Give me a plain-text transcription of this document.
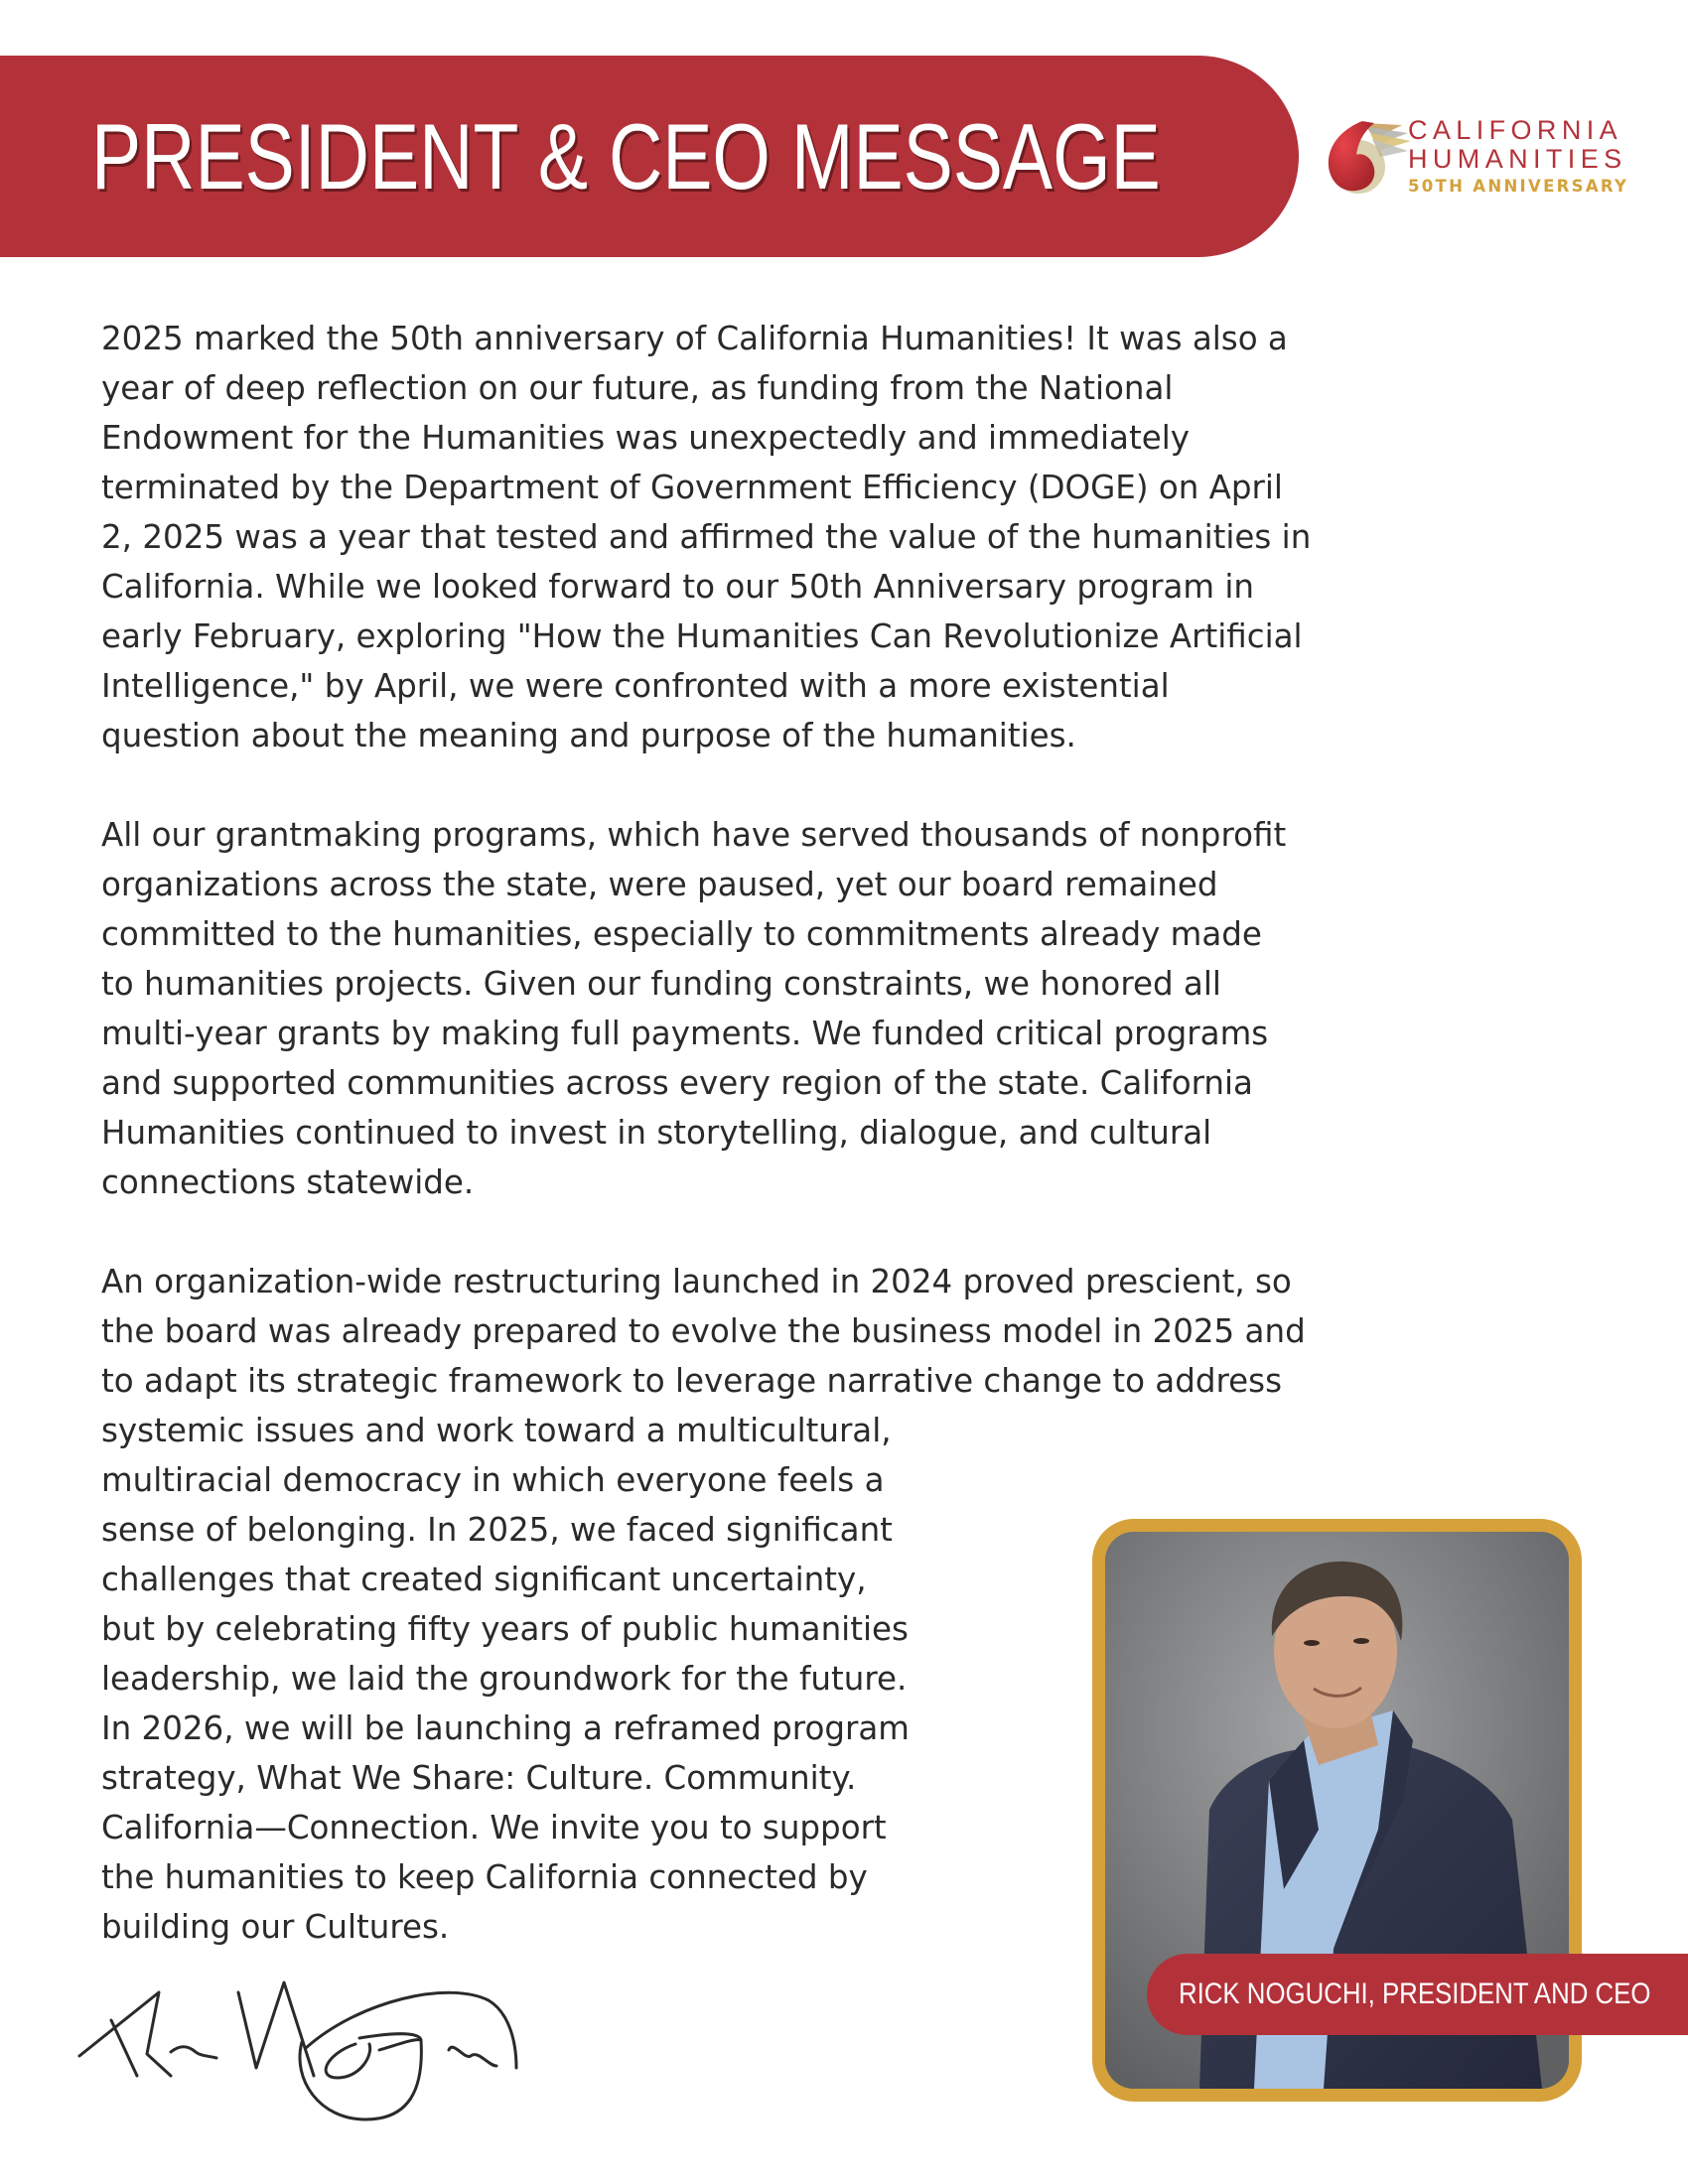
PRESIDENT & CEO MESSAGE	CALIFORNIA
HUMANITIES
50TH ANNIVERSARY

2025 marked the 50th anniversary of California Humanities! It was also a
year of deep reflection on our future, as funding from the National
Endowment for the Humanities was unexpectedly and immediately
terminated by the Department of Government Efficiency (DOGE) on April
2, 2025 was a year that tested and affirmed the value of the humanities in
California. While we looked forward to our 50th Anniversary program in
early February, exploring "How the Humanities Can Revolutionize Artificial
Intelligence," by April, we were confronted with a more existential
question about the meaning and purpose of the humanities.

All our grantmaking programs, which have served thousands of nonprofit
organizations across the state, were paused, yet our board remained
committed to the humanities, especially to commitments already made
to humanities projects. Given our funding constraints, we honored all
multi-year grants by making full payments. We funded critical programs
and supported communities across every region of the state. California
Humanities continued to invest in storytelling, dialogue, and cultural
connections statewide.

An organization-wide restructuring launched in 2024 proved prescient, so
the board was already prepared to evolve the business model in 2025 and
to adapt its strategic framework to leverage narrative change to address
systemic issues and work toward a multicultural,
multiracial democracy in which everyone feels a
sense of belonging. In 2025, we faced significant
challenges that created significant uncertainty,
but by celebrating fifty years of public humanities
leadership, we laid the groundwork for the future.
In 2026, we will be launching a reframed program
strategy, What We Share: Culture. Community.
California—Connection. We invite you to support
the humanities to keep California connected by
building our Cultures.

RICK NOGUCHI, PRESIDENT AND CEO
